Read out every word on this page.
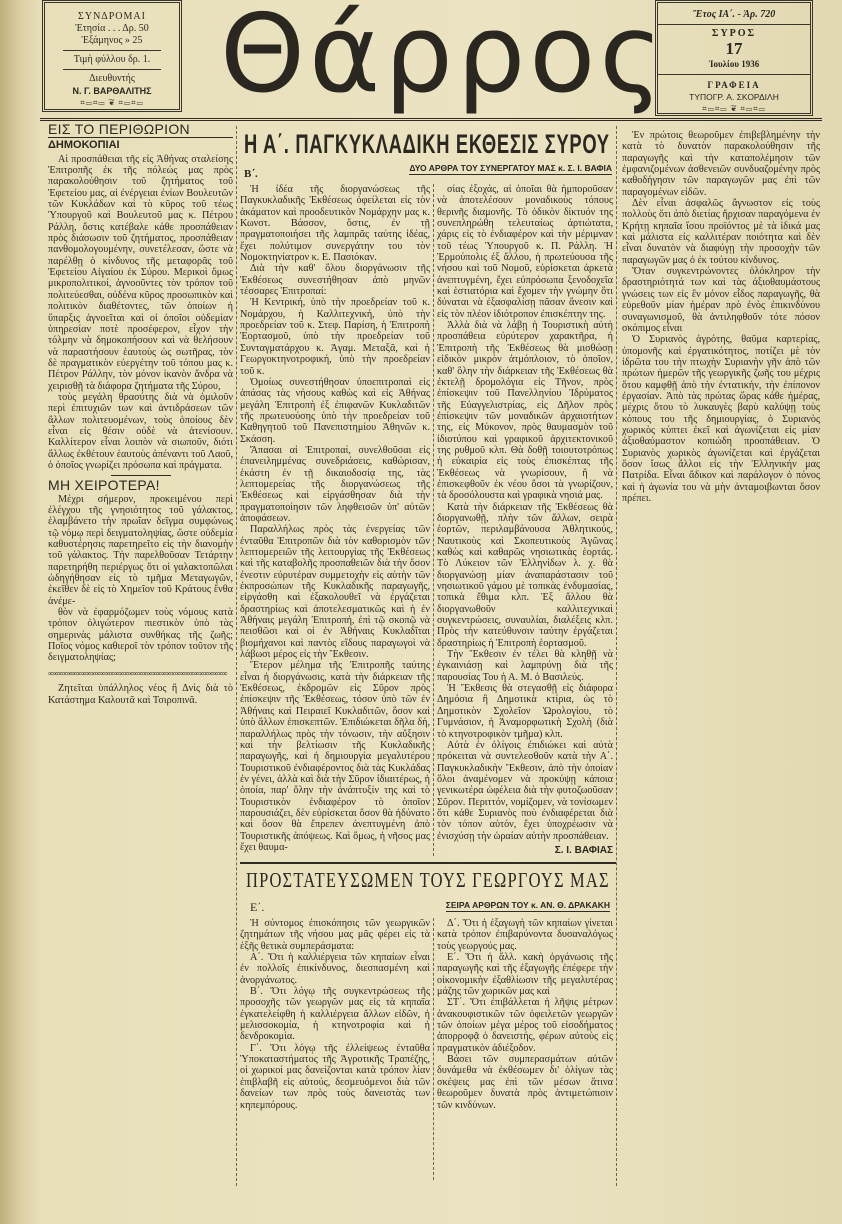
ΣΥΝΔΡΟΜΑΙ
Ἐτησία . . . Δρ. 50
Ἑξάμηνος » 25
Τιμὴ φύλλου δρ. 1.
Διευθυντής
Ν. Γ. ΒΑΡΘΑΛΙΤΗΣ
⌗▭⌗▭ ❦ ⌗▭⌗▭ Θάρρος	Ἔτος ΙΑ΄. - Ἀρ. 720
ΣΥΡΟΣ
17
Ἰουλίου 1936
ΓΡΑΦΕΙΑ
ΤΥΠΟΓΡ. Α. ΣΚΟΡΔΙΛΗ
⌗▭⌗▭ ❦ ⌗▭⌗▭
ΕΙΣ ΤΟ ΠΕΡΙΘΩΡΙΟΝ
ΔΗΜΟΚΟΠΙΑΙ

Αἱ προσπάθειαι τῆς εἰς Ἀθήνας σταλείσης Ἐπιτροπῆς ἐκ τῆς πόλεώς μας πρὸς παρακολούθησιν τοῦ ζητήματος τοῦ Ἐφετείου μας, αἱ ἐνέργειαι ἐνίων Βουλευτῶν τῶν Κυκλάδων καὶ τὸ κῦρος τοῦ τέως Ὑπουργοῦ καὶ Βουλευτοῦ μας κ. Πέτρου Ράλλη, ὅστις κατέβαλε κάθε προσπάθειαν πρὸς διάσωσιν τοῦ ζητήματος, προσπάθειαν πανθομολογουμένην, συνετέλεσαν, ὥστε νὰ παρέλθῃ ὁ κίνδυνος τῆς μεταφορᾶς τοῦ Ἐφετείου Αἰγαίου ἐκ Σύρου. Μερικοὶ ὅμως μικροπολιτικοί, ἀγνοοῦντες τὸν τρόπον τοῦ πολιτεύεσθαι, οὐδένα κῦρος προσωπικὸν καὶ πολιτικὸν διαθέτοντες, τῶν ὁποίων ἡ ὕπαρξις ἀγνοεῖται καὶ οἱ ὁποῖοι οὐδεμίαν ὑπηρεσίαν ποτὲ προσέφερον, εἶχον τὴν τόλμην νὰ δημοκοπήσουν καὶ νὰ θελήσουν νὰ παραστήσουν ἑαυτοὺς ὡς σωτῆρας, τὸν δὲ πραγματικὸν εὐεργέτην τοῦ τόπου μας κ. Πέτρον Ράλλην, τὸν μόνον ἱκανὸν ἄνδρα νὰ χειρισθῇ τὰ διάφορα ζητήματα τῆς Σύρου,

τοὺς μεγάλη θρασύτης διὰ νὰ ὁμιλοῦν περὶ ἐπιτυχιῶν των καὶ ἀντιδράσεων τῶν ἄλλων πολιτευομένων, τοὺς ὁποίους δὲν εἶναι εἰς θέσιν οὐδὲ νὰ ἀτενίσουν. Καλλίτερον εἶναι λοιπὸν νὰ σιωποῦν, διότι ἄλλως ἐκθέτουν ἑαυτοὺς ἀπέναντι τοῦ Λαοῦ, ὁ ὁποῖος γνωρίζει πρόσωπα καὶ πράγματα.

ΜΗ ΧΕΙΡΟΤΕΡΑ!

Μέχρι σήμερον, προκειμένου περὶ ἐλέγχου τῆς γνησιότητος τοῦ γάλακτος, ἐλαμβάνετο τὴν πρωΐαν δεῖγμα συμφώνως τῷ νόμῳ περὶ δειγματοληψίας, ὥστε οὐδεμία καθυστέρησις παρετηρεῖτο εἰς τὴν διανομὴν τοῦ γάλακτος. Τὴν παρελθοῦσαν Τετάρτην παρετηρήθη περιέργως ὅτι οἱ γαλακτοπῶλαι ὡδηγήθησαν εἰς τὸ τμῆμα Μεταγωγῶν, ἐκεῖθεν δὲ εἰς τὸ Χημεῖον τοῦ Κράτους ἔνθα ἀνέμε-

θὸν νὰ ἐφαρμόζωμεν τοὺς νόμους κατὰ τρόπον ὀλιγώτερον πιεστικὸν ὑπὸ τὰς σημερινὰς μάλιστα συνθήκας τῆς ζωῆς; Ποῖος νόμος καθιεροῖ τὸν τρόπον τοῦτον τῆς δειγματοληψίας;

∞∞∞∞∞∞∞∞∞∞∞∞∞∞∞∞∞∞∞∞∞∞∞∞∞∞∞∞∞∞∞∞∞∞∞∞∞∞

Ζητεῖται ὑπάλληλος νέος ἢ Δνὶς διὰ τὸ Κατάστημα Καλουτᾶ καὶ Τσιροπινᾶ.

Η Α΄. ΠΑΓΚΥΚΛΑΔΙΚΗ ΕΚΘΕΣΙΣ ΣΥΡΟΥ
ΔΥΟ ΑΡΘΡΑ ΤΟΥ ΣΥΝΕΡΓΑΤΟΥ ΜΑΣ κ. Σ. Ι. ΒΑΦΙΑ
Β΄.

Ἡ ἰδέα τῆς διοργανώσεως τῆς Παγκυκλαδικῆς Ἐκθέσεως ὀφείλεται εἰς τὸν ἀκάματον καὶ προοδευτικὸν Νομάρχην μας κ. Κωνστ. Βάσσον, ὅστις, ἐν τῇ πραγματοποιήσει τῆς λαμπρᾶς ταύτης ἰδέας, ἔχει πολύτιμον συνεργάτην του τὸν Νομοκτηνίατρον κ. Ε. Πασιόκαν.

Διὰ τὴν καθ' ὅλου διοργάνωσιν τῆς Ἐκθέσεως συνεστήθησαν ἀπὸ μηνῶν τέσσαρες Ἐπιτροπαί:

Ἡ Κεντρική, ὑπὸ τὴν προεδρείαν τοῦ κ. Νομάρχου, ἡ Καλλιτεχνική, ὑπὸ τὴν προεδρείαν τοῦ κ. Στεφ. Παρίση, ἡ Ἐπιτροπὴ Ἑορτασμοῦ, ὑπὸ τὴν προεδρείαν τοῦ Συνταγματάρχου κ. Ἀγαμ. Μεταξᾶ, καὶ ἡ Γεωργοκτηνοτροφική, ὑπὸ τὴν προεδρείαν τοῦ κ.

Ὁμοίως συνεστήθησαν ὑποεπιτροπαὶ εἰς ἁπάσας τὰς νήσους καθὼς καὶ εἰς Ἀθήνας μεγάλη Ἐπιτροπὴ ἐξ ἐπιφανῶν Κυκλαδιτῶν τῆς πρωτευούσης ὑπὸ τὴν προεδρείαν τοῦ Καθηγητοῦ τοῦ Πανεπιστημίου Ἀθηνῶν κ. Σκάσση.

Ἅπασαι αἱ Ἐπιτροπαί, συνελθοῦσαι εἰς ἐπανειλημμένας συνεδριάσεις, καθώρισαν, ἑκάστη ἐν τῇ δικαιοδοσίᾳ της, τὰς λεπτομερείας τῆς διοργανώσεως τῆς Ἐκθέσεως καὶ εἰργάσθησαν διὰ τὴν πραγματοποίησιν τῶν ληφθεισῶν ὑπ' αὐτῶν ἀποφάσεων.

Παραλλήλως πρὸς τὰς ἐνεργείας τῶν ἐνταῦθα Ἐπιτροπῶν διὰ τὸν καθορισμὸν τῶν λεπτομερειῶν τῆς λειτουργίας τῆς Ἐκθέσεως καὶ τῆς καταβολῆς προσπαθειῶν διὰ τὴν ὅσον ἐνεστιν εὐρυτέραν συμμετοχὴν εἰς αὐτὴν τῶν ἐκπροσώπων τῆς Κυκλαδικῆς παραγωγῆς, εἰργάσθη καὶ ἐξακολουθεῖ νὰ ἐργάζεται δραστηρίως καὶ ἀποτελεσματικῶς καὶ ἡ ἐν Ἀθήναις μεγάλη Ἐπιτροπή, ἐπὶ τῷ σκοπῷ νὰ πεισθῶσι καὶ οἱ ἐν Ἀθήναις Κυκλαδῖται βιομήχανοι καὶ παντὸς εἴδους παραγωγοὶ νὰ λάβωσι μέρος εἰς τὴν Ἔκθεσιν.

Ἕτερον μέλημα τῆς Ἐπιτροπῆς ταύτης εἶναι ἡ διοργάνωσις, κατὰ τὴν διάρκειαν τῆς Ἐκθέσεως, ἐκδρομῶν εἰς Σῦρον πρὸς ἐπίσκεψιν τῆς Ἐκθέσεως, τόσον ὑπὸ τῶν ἐν Ἀθήναις καὶ Πειραιεῖ Κυκλαδιτῶν, ὅσον καὶ ὑπὸ ἄλλων ἐπισκεπτῶν. Ἐπιδιώκεται δῆλα δή, παραλλήλως πρὸς τὴν τόνωσιν, τὴν αὔξησιν καὶ τὴν βελτίωσιν τῆς Κυκλαδικῆς παραγωγῆς, καὶ ἡ δημιουργία μεγαλυτέρου Τουριστικοῦ ἐνδιαφέροντος διὰ τὰς Κυκλάδας ἐν γένει, ἀλλὰ καὶ διὰ τὴν Σῦρον ἰδιαιτέρως, ἡ ὁποία, παρ' ὅλην τὴν ἀνάπτυξίν της καὶ τὸ Τουριστικὸν ἐνδιαφέρον τὸ ὁποῖον παρουσιάζει, δὲν εὑρίσκεται ὅσον θὰ ἠδύνατο καὶ ὅσον θὰ ἔπρεπεν ἀνεπτυγμένη ἀπὸ Τουριστικῆς ἀπόψεως. Καὶ ὅμως, ἡ νῆσος μας ἔχει θαυμα-

σίας ἐξοχάς, αἱ ὁποῖαι θὰ ἠμποροῦσαν νὰ ἀποτελέσουν μοναδικοὺς τόπους θερινῆς διαμονῆς. Τὸ ὁδικὸν δίκτυόν της συνεπληρώθη τελευταίως ἀρτιώτατα, χάρις εἰς τὸ ἐνδιαφέρον καὶ τὴν μέριμναν τοῦ τέως Ὑπουργοῦ κ. Π. Ράλλη. Ἡ Ἑρμούπολις ἐξ ἄλλου, ἡ πρωτεύουσα τῆς νήσου καὶ τοῦ Νομοῦ, εὑρίσκεται ἀρκετὰ ἀνεπτυγμένη, ἔχει εὐπρόσωπα ξενοδοχεῖα καὶ ἑστιατόρια καὶ ἔχομεν τὴν γνώμην ὅτι δύναται νὰ ἐξασφαλίσῃ πᾶσαν ἄνεσιν καὶ εἰς τὸν πλέον ἰδιότροπον ἐπισκέπτην της.

Ἀλλὰ διὰ νὰ λάβῃ ἡ Τουριστικὴ αὐτὴ προσπάθεια εὐρύτερον χαρακτῆρα, ἡ Ἐπιτροπὴ τῆς Ἐκθέσεως θὰ μισθώσῃ εἰδικὸν μικρὸν ἀτμόπλοιον, τὸ ὁποῖον, καθ' ὅλην τὴν διάρκειαν τῆς Ἐκθέσεως θὰ ἐκτελῇ δρομολόγια εἰς Τῆνον, πρὸς ἐπίσκεψιν τοῦ Πανελληνίου Ἱδρύματος τῆς Εὐαγγελιστρίας, εἰς Δῆλον πρὸς ἐπίσκεψιν τῶν μοναδικῶν ἀρχαιοτήτων της, εἰς Μύκονον, πρὸς θαυμασμὸν τοῦ ἰδιοτύπου καὶ γραφικοῦ ἀρχιτεκτονικοῦ της ρυθμοῦ κλπ. Θὰ δοθῇ τοιουτοτρόπως ἡ εὐκαιρία εἰς τοὺς ἐπισκέπτας τῆς Ἐκθέσεως νὰ γνωρίσουν, ἢ νὰ ἐπισκεφθοῦν ἐκ νέου ὅσοι τὰ γνωρίζουν, τὰ δροσόλουστα καὶ γραφικὰ νησιά μας.

Κατὰ τὴν διάρκειαν τῆς Ἐκθέσεως θὰ διοργανωθῇ, πλὴν τῶν ἄλλων, σειρὰ ἑορτῶν, περιλαμβάνουσα Ἀθλητικούς, Ναυτικοὺς καὶ Σκοπευτικοὺς Ἀγῶνας καθὼς καὶ καθαρῶς νησιωτικὰς ἑορτάς. Τὸ Λύκειον τῶν Ἑλληνίδων λ. χ. θὰ διοργανώσῃ μίαν ἀναπαράστασιν τοῦ νησιωτικοῦ γάμου μὲ τοπικὰς ἐνδυμασίας, τοπικὰ ἔθιμα κλπ. Ἐξ ἄλλου θὰ διοργανωθοῦν καλλιτεχνικαὶ συγκεντρώσεις, συναυλίαι, διαλέξεις κλπ. Πρὸς τὴν κατεύθυνσιν ταύτην ἐργάζεται δραστηρίως ἡ Ἐπιτροπὴ ἑορτασμοῦ.

Τὴν Ἔκθεσιν ἐν τέλει θὰ κληθῇ νὰ ἐγκαινιάσῃ καὶ λαμπρύνῃ διὰ τῆς παρουσίας Του ἡ Α. Μ. ὁ Βασιλεύς.

Ἡ Ἔκθεσις θὰ στεγασθῇ εἰς διάφορα Δημόσια ἢ Δημοτικὰ κτίρια, ὡς τὸ Δημοτικὸν Σχολεῖον Ὡρολογίου, τὸ Γυμνάσιον, ἡ Ἀναμορφωτικὴ Σχολὴ (διὰ τὸ κτηνοτροφικὸν τμῆμα) κλπ.

Αὐτὰ ἐν ὀλίγοις ἐπιδιώκει καὶ αὐτὰ πρόκειται νὰ συντελεσθοῦν κατὰ τὴν Α΄. Παγκυκλαδικὴν Ἔκθεσιν, ἀπὸ τὴν ὁποίαν ὅλοι ἀναμένομεν νὰ προκύψῃ κάποια γενικωτέρα ὠφέλεια διὰ τὴν φυτοζωοῦσαν Σῦρον. Περιττόν, νομίζομεν, νὰ τονίσωμεν ὅτι κάθε Συριανὸς ποὺ ἐνδιαφέρεται διὰ τὸν τόπον αὐτόν, ἔχει ὑποχρέωσιν νὰ ἐνισχύσῃ τὴν ὡραίαν αὐτὴν προσπάθειαν.

Σ. Ι. ΒΑΦΙΑΣ
ΠΡΟΣΤΑΤΕΥΣΩΜΕΝ ΤΟΥΣ ΓΕΩΡΓΟΥΣ ΜΑΣ
Ε΄.	ΣΕΙΡΑ ΑΡΘΡΩΝ ΤΟΥ κ. ΑΝ. Θ. ΔΡΑΚΑΚΗ

Ἡ σύντομος ἐπισκόπησις τῶν γεωργικῶν ζητημάτων τῆς νήσου μας μᾶς φέρει εἰς τὰ ἑξῆς θετικὰ συμπεράσματα:

Α΄. Ὅτι ἡ καλλιέργεια τῶν κηπαίων εἶναι ἐν πολλοῖς ἐπικίνδυνος, διεσπασμένη καὶ ἀνοργάνωτος.

Β΄. Ὅτι λόγῳ τῆς συγκεντρώσεως τῆς προσοχῆς τῶν γεωργῶν μας εἰς τὰ κηπαῖα ἐγκατελείφθη ἡ καλλιέργεια ἄλλων εἰδῶν, ἡ μελισσοκομία, ἡ κτηνοτροφία καὶ ἡ δενδροκομία.

Γ΄. Ὅτι λόγῳ τῆς ἐλλείψεως ἐνταῦθα Ὑποκαταστήματος τῆς Ἀγροτικῆς Τραπέζης, οἱ χωρικοί μας δανείζονται κατὰ τρόπον λίαν ἐπιβλαβῆ εἰς αὐτούς, δεσμευόμενοι διὰ τῶν δανείων των πρὸς τοὺς δανειστὰς των κηπεμπόρους.

Δ΄. Ὅτι ἡ ἐξαγωγὴ τῶν κηπαίων γίνεται κατὰ τρόπον ἐπιβαρύνοντα δυσαναλόγως τοὺς γεωργούς μας.

Ε΄. Ὅτι ἡ ἄλλ. κακὴ ὀργάνωσις τῆς παραγωγῆς καὶ τῆς ἐξαγωγῆς ἐπέφερε τὴν οἰκονομικὴν ἐξαθλίωσιν τῆς μεγαλυτέρας μάζης τῶν χωρικῶν μας καὶ

ΣΤ΄. Ὅτι ἐπιβάλλεται ἡ λῆψις μέτρων ἀνακουφιστικῶν τῶν ὀφειλετῶν γεωργῶν τῶν ὁποίων μέγα μέρος τοῦ εἰσοδήματος ἀπορροφᾷ ὁ δανειστής, φέρων αὐτοὺς εἰς πραγματικὸν ἀδιέξοδον.

Βάσει τῶν συμπερασμάτων αὐτῶν δυνάμεθα νὰ ἐκθέσωμεν δι' ὀλίγων τὰς σκέψεις μας ἐπὶ τῶν μέσων ἅτινα θεωροῦμεν δυνατὰ πρὸς ἀντιμετώπισιν τῶν κινδύνων.

Ἐν πρώτοις θεωροῦμεν ἐπιβεβλημένην τὴν κατὰ τὸ δυνατὸν παρακολούθησιν τῆς παραγωγῆς καὶ τὴν καταπολέμησιν τῶν ἐμφανιζομένων ἀσθενειῶν συνδυαζομένην πρὸς καθοδήγησιν τῶν παραγωγῶν μας ἐπὶ τῶν παραγομένων εἰδῶν.

Δὲν εἶναι ἀσφαλῶς ἄγνωστον εἰς τοὺς πολλοὺς ὅτι ἀπὸ διετίας ἤρχισαν παραγόμενα ἐν Κρήτῃ κηπαῖα ἴσου προϊόντος μὲ τὰ ἰδικά μας καὶ μάλιστα εἰς καλλιτέραν ποιότητα καὶ δὲν εἶναι δυνατὸν νὰ διαφύγῃ τὴν προσοχὴν τῶν παραγωγῶν μας ὁ ἐκ τούτου κίνδυνος.

Ὅταν συγκεντρώνοντες ὁλόκληρον τὴν δραστηριότητά των καὶ τὰς ἀξιοθαυμάστους γνώσεις των εἰς ἓν μόνον εἶδος παραγωγῆς, θὰ εὑρεθοῦν μίαν ἡμέραν πρὸ ἑνὸς ἐπικινδύνου συναγωνισμοῦ, θὰ ἀντιληφθοῦν τότε πόσον σκόπιμος εἶναι

Ὁ Συριανὸς ἀγρότης, θαῦμα καρτερίας, ὑπομονῆς καὶ ἐργατικότητος, ποτίζει μὲ τὸν ἱδρῶτα του τὴν πτωχὴν Συριανὴν γῆν ἀπὸ τῶν πρώτων ἡμερῶν τῆς γεωργικῆς ζωῆς του μέχρις ὅτου καμφθῇ ἀπὸ τὴν ἐντατικήν, τὴν ἐπίπονον ἐργασίαν. Ἀπὸ τὰς πρώτας ὥρας κάθε ἡμέρας, μέχρις ὅτου τὸ λυκαυγὲς βαρὺ καλύψῃ τοὺς κόπους του τῆς δημιουργίας, ὁ Συριανὸς χωρικὸς κύπτει ἐκεῖ καὶ ἀγωνίζεται εἰς μίαν ἀξιοθαύμαστον κοπιώδη προσπάθειαν. Ὁ Συριανὸς χωρικὸς ἀγωνίζεται καὶ ἐργάζεται ὅσον ἴσως ἄλλοι εἰς τὴν Ἑλληνικήν μας Πατρίδα. Εἶναι ἄδικον καὶ παράλογον ὁ πόνος καὶ ἡ ἀγωνία του νὰ μὴν ἀνταμοιβωνται ὅσον πρέπει.
